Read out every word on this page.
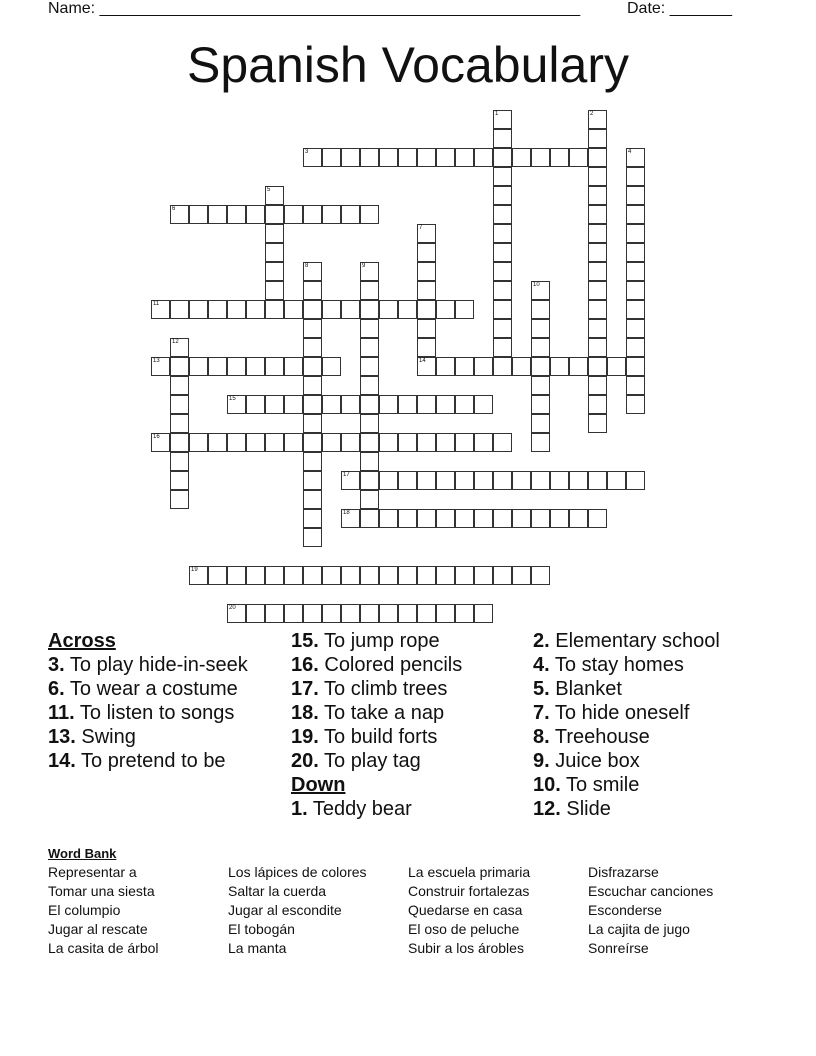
Name: ______________________________________________________	Date: _______
Spanish Vocabulary
1	2
3	4
5
6
7
14
8	9
10
11
12
13
15
16
17
18
19
20
Across
3. To play hide-in-seek
6. To wear a costume
11. To listen to songs
13. Swing
14. To pretend to be
15. To jump rope
16. Colored pencils
17. To climb trees
18. To take a nap
19. To build forts
20. To play tag
Down
1. Teddy bear
2. Elementary school
4. To stay homes
5. Blanket
7. To hide oneself
8. Treehouse
9. Juice box
10. To smile
12. Slide
Word Bank
Representar a	Los lápices de colores	La escuela primaria	Disfrazarse
Tomar una siesta	Saltar la cuerda	Construir fortalezas	Escuchar canciones
El columpio	Jugar al escondite	Quedarse en casa	Esconderse
Jugar al rescate	El tobogán	El oso de peluche	La cajita de jugo
La casita de árbol	La manta	Subir a los árobles	Sonreírse
